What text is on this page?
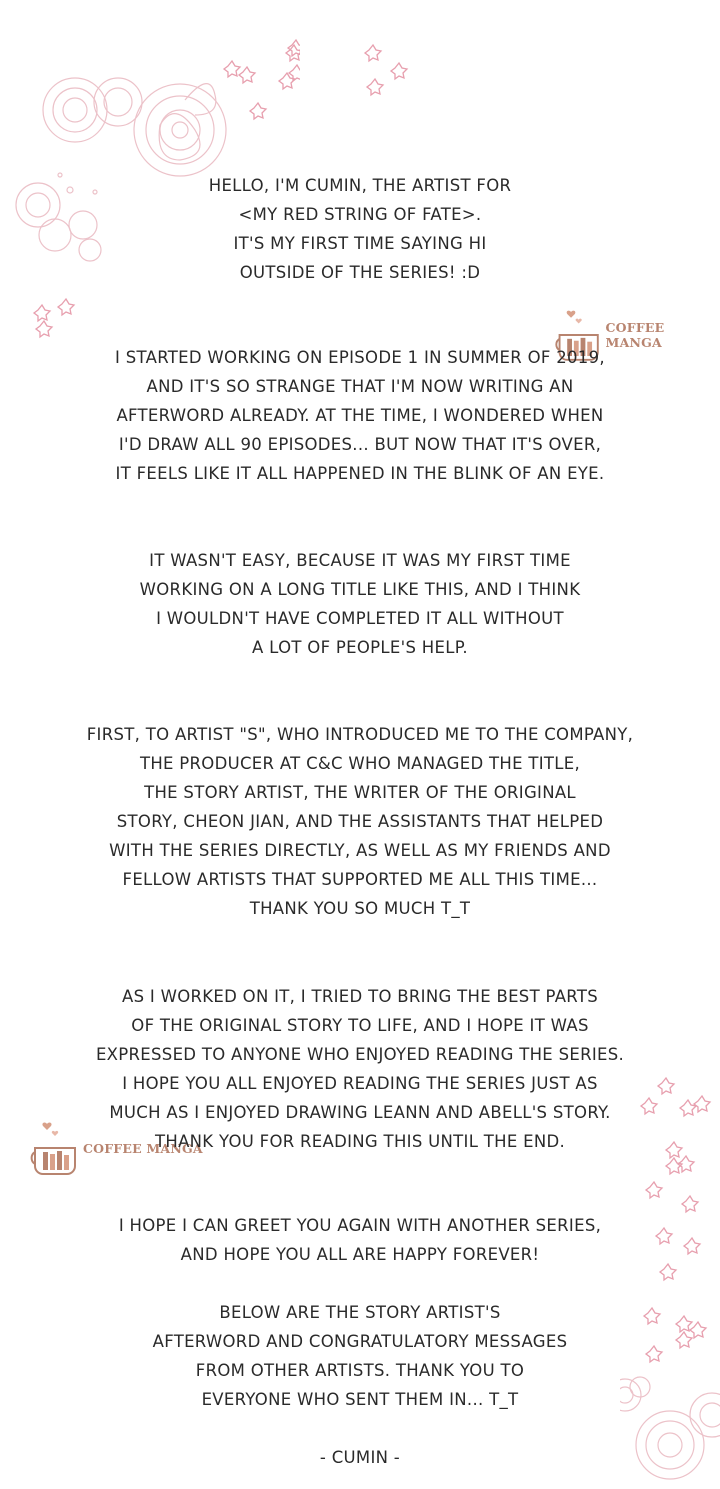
COFFEE MANGA
COFFEE MANGA
HELLO, I'M CUMIN, THE ARTIST FOR
<MY RED STRING OF FATE>.
IT'S MY FIRST TIME SAYING HI
OUTSIDE OF THE SERIES! :D
I STARTED WORKING ON EPISODE 1 IN SUMMER OF 2019,
AND IT'S SO STRANGE THAT I'M NOW WRITING AN
AFTERWORD ALREADY. AT THE TIME, I WONDERED WHEN
I'D DRAW ALL 90 EPISODES... BUT NOW THAT IT'S OVER,
IT FEELS LIKE IT ALL HAPPENED IN THE BLINK OF AN EYE.
IT WASN'T EASY, BECAUSE IT WAS MY FIRST TIME
WORKING ON A LONG TITLE LIKE THIS, AND I THINK
I WOULDN'T HAVE COMPLETED IT ALL WITHOUT
A LOT OF PEOPLE'S HELP.
FIRST, TO ARTIST "S", WHO INTRODUCED ME TO THE COMPANY,
THE PRODUCER AT C&C WHO MANAGED THE TITLE,
THE STORY ARTIST, THE WRITER OF THE ORIGINAL
STORY, CHEON JIAN, AND THE ASSISTANTS THAT HELPED
WITH THE SERIES DIRECTLY, AS WELL AS MY FRIENDS AND
FELLOW ARTISTS THAT SUPPORTED ME ALL THIS TIME...
THANK YOU SO MUCH T_T
AS I WORKED ON IT, I TRIED TO BRING THE BEST PARTS
OF THE ORIGINAL STORY TO LIFE, AND I HOPE IT WAS
EXPRESSED TO ANYONE WHO ENJOYED READING THE SERIES.
I HOPE YOU ALL ENJOYED READING THE SERIES JUST AS
MUCH AS I ENJOYED DRAWING LEANN AND ABELL'S STORY.
THANK YOU FOR READING THIS UNTIL THE END.
I HOPE I CAN GREET YOU AGAIN WITH ANOTHER SERIES,
AND HOPE YOU ALL ARE HAPPY FOREVER!
BELOW ARE THE STORY ARTIST'S
AFTERWORD AND CONGRATULATORY MESSAGES
FROM OTHER ARTISTS. THANK YOU TO
EVERYONE WHO SENT THEM IN... T_T
- CUMIN -
